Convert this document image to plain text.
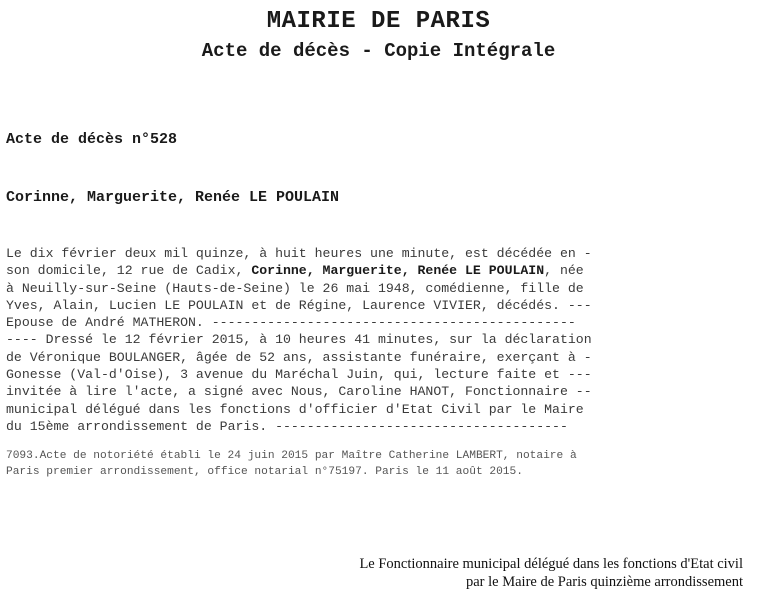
MAIRIE DE PARIS
Acte de décès - Copie Intégrale
Acte de décès n°528
Corinne, Marguerite, Renée LE POULAIN
Le dix février deux mil quinze, à huit heures une minute, est décédée en -
son domicile, 12 rue de Cadix, Corinne, Marguerite, Renée LE POULAIN, née
à Neuilly-sur-Seine (Hauts-de-Seine) le 26 mai 1948, comédienne, fille de
Yves, Alain, Lucien LE POULAIN et de Régine, Laurence VIVIER, décédés. ---
Epouse de André MATHERON. ----------------------------------------------
---- Dressé le 12 février 2015, à 10 heures 41 minutes, sur la déclaration
de Véronique BOULANGER, âgée de 52 ans, assistante funéraire, exerçant à -
Gonesse (Val-d'Oise), 3 avenue du Maréchal Juin, qui, lecture faite et ---
invitée à lire l'acte, a signé avec Nous, Caroline HANOT, Fonctionnaire --
municipal délégué dans les fonctions d'officier d'Etat Civil par le Maire
du 15ème arrondissement de Paris. -------------------------------------
7093.Acte de notoriété établi le 24 juin 2015 par Maître Catherine LAMBERT, notaire à
Paris premier arrondissement, office notarial n°75197. Paris le 11 août 2015.
Le Fonctionnaire municipal délégué dans les fonctions d'Etat civil
par le Maire de Paris quinzième arrondissement
